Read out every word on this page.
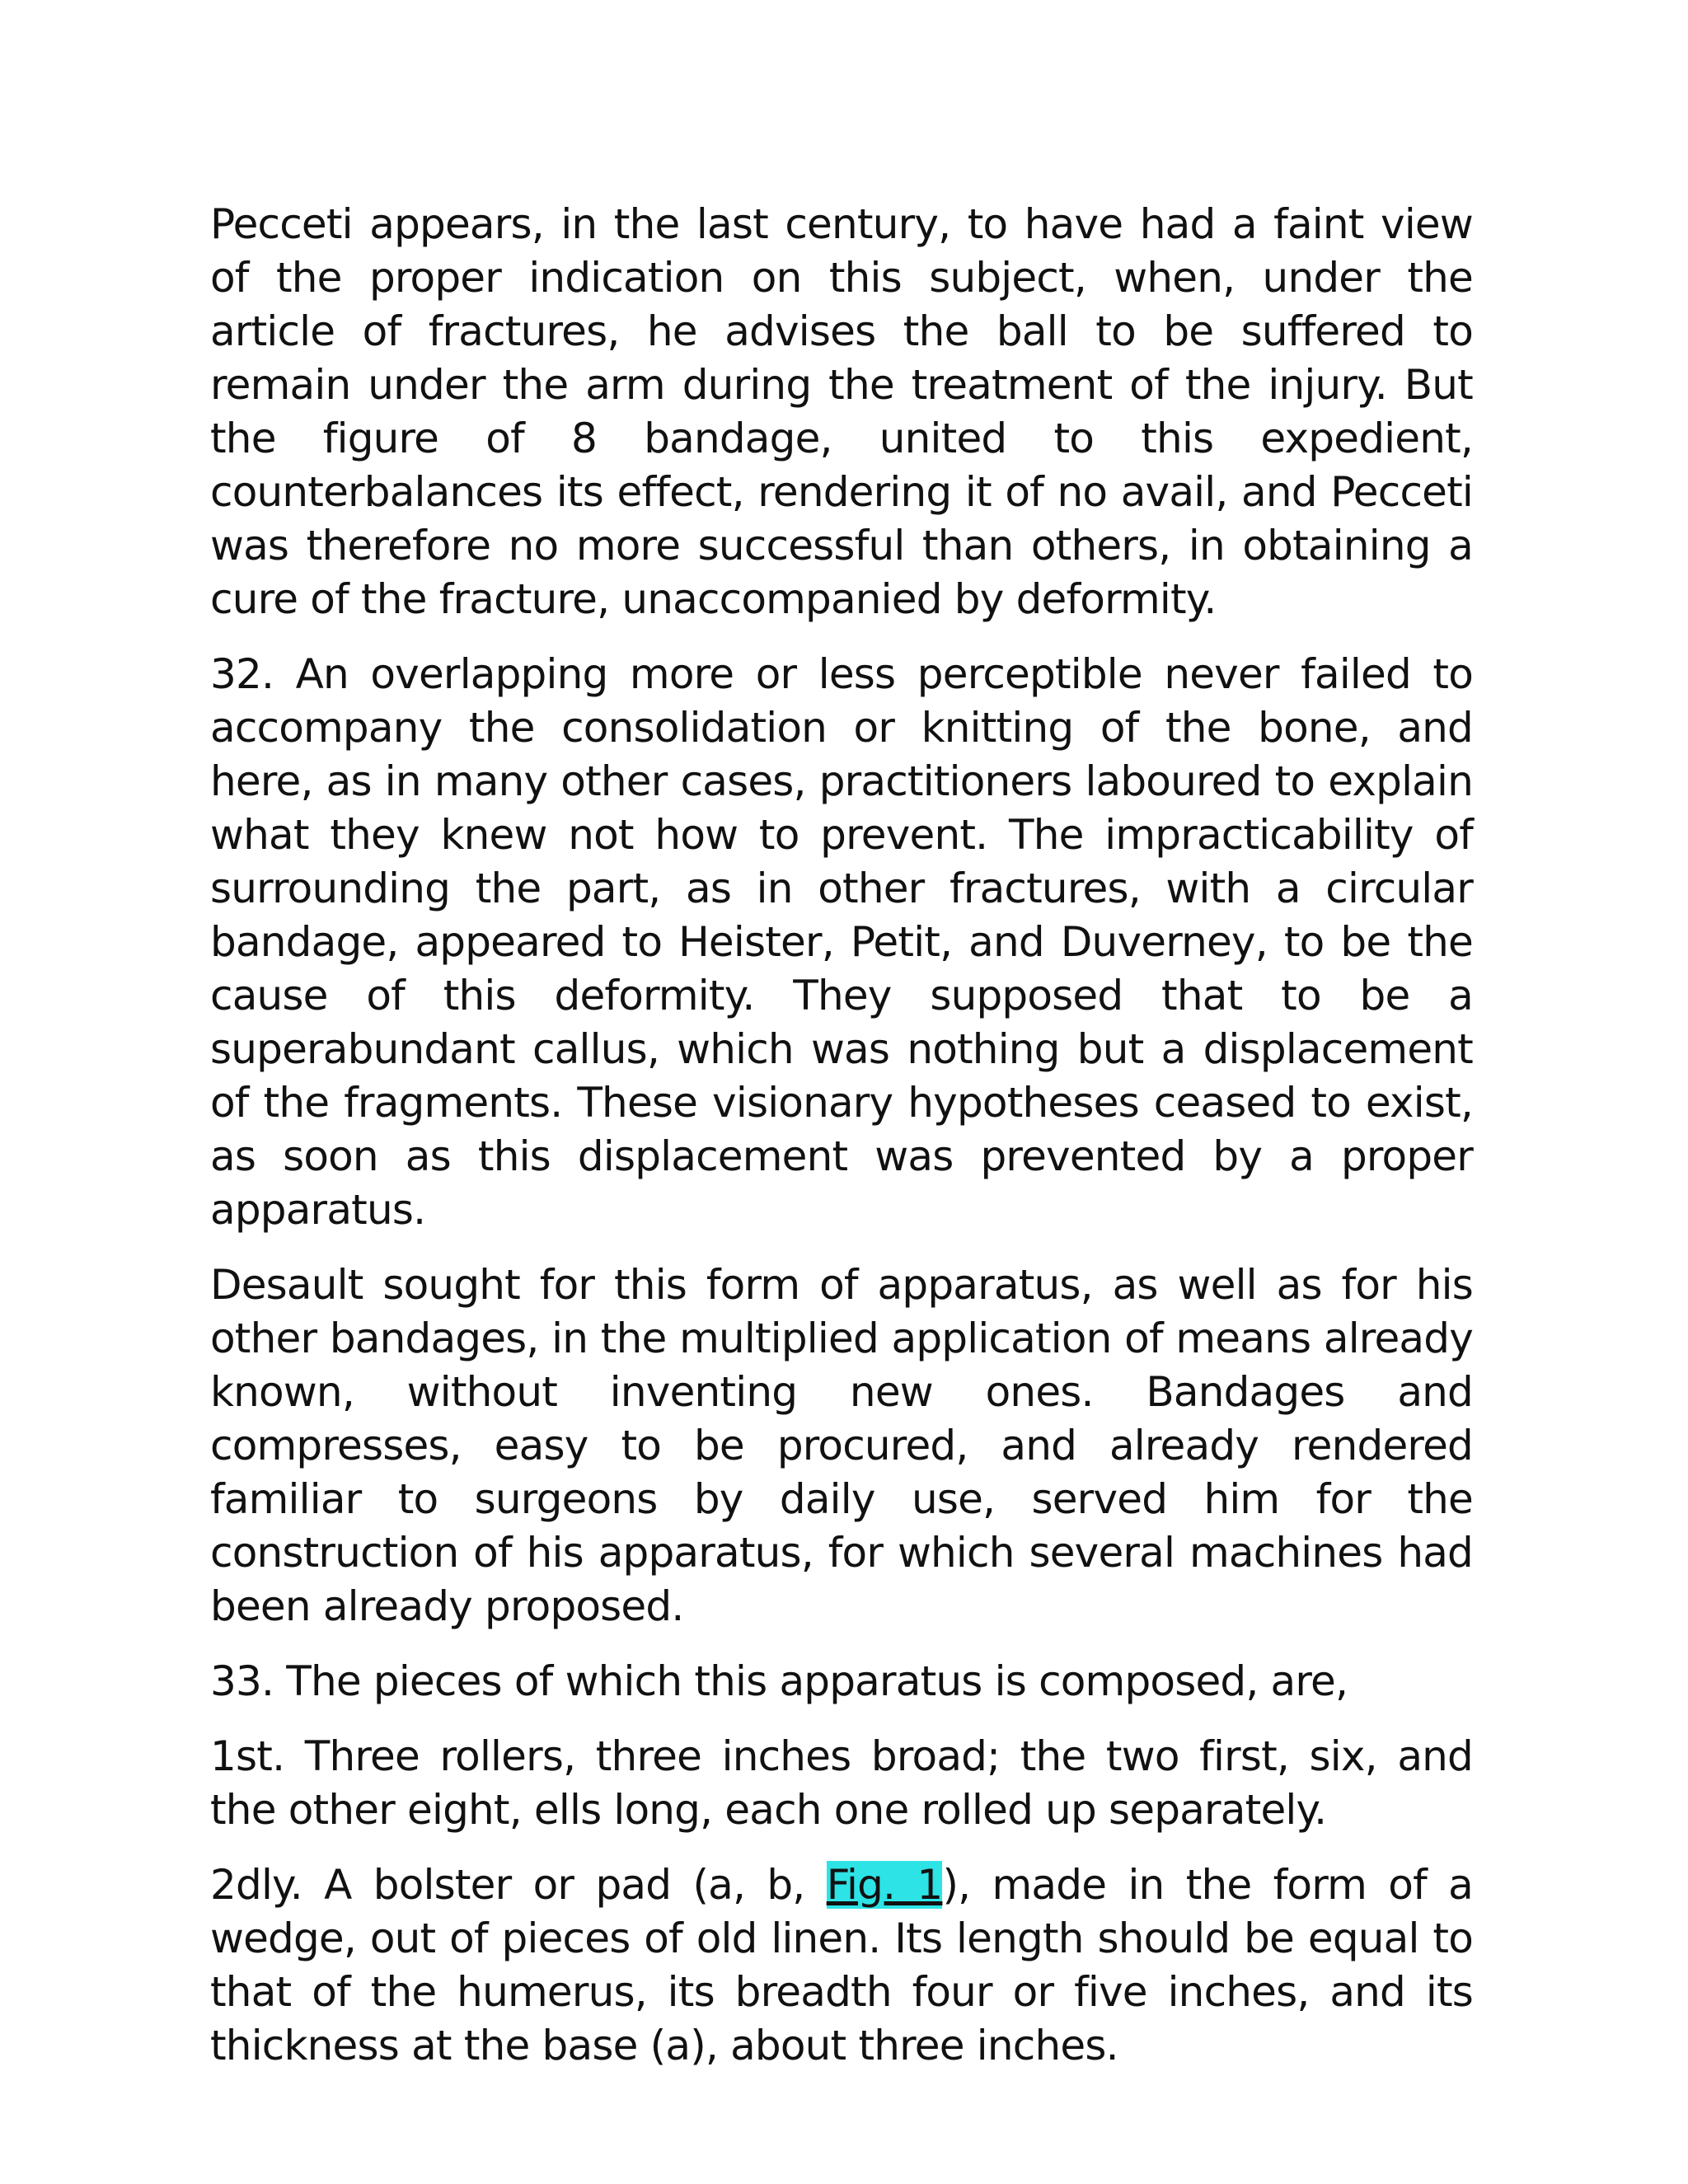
Pecceti appears, in the last century, to have had a faint view of the proper indication on this subject, when, under the article of fractures, he advises the ball to be suffered to remain under the arm during the treatment of the injury. But the figure of 8 bandage, united to this expedient, counterbalances its effect, rendering it of no avail, and Pecceti was therefore no more successful than others, in obtaining a cure of the fracture, unaccompanied by deformity.

32. An overlapping more or less perceptible never failed to accompany the consolidation or knitting of the bone, and here, as in many other cases, practitioners laboured to explain what they knew not how to prevent. The impracticability of surrounding the part, as in other fractures, with a circular bandage, appeared to Heister, Petit, and Duverney, to be the cause of this deformity. They supposed that to be a superabundant callus, which was nothing but a displacement of the fragments. These visionary hypotheses ceased to exist, as soon as this displacement was prevented by a proper apparatus.

Desault sought for this form of apparatus, as well as for his other bandages, in the multiplied application of means already known, without inventing new ones. Bandages and compresses, easy to be procured, and already rendered familiar to surgeons by daily use, served him for the construction of his apparatus, for which several machines had been already proposed.

33. The pieces of which this apparatus is composed, are,

1st. Three rollers, three inches broad; the two first, six, and the other eight, ells long, each one rolled up separately.

2dly. A bolster or pad (a, b, Fig. 1), made in the form of a wedge, out of pieces of old linen. Its length should be equal to that of the humerus, its breadth four or five inches, and its thickness at the base (a), about three inches.
